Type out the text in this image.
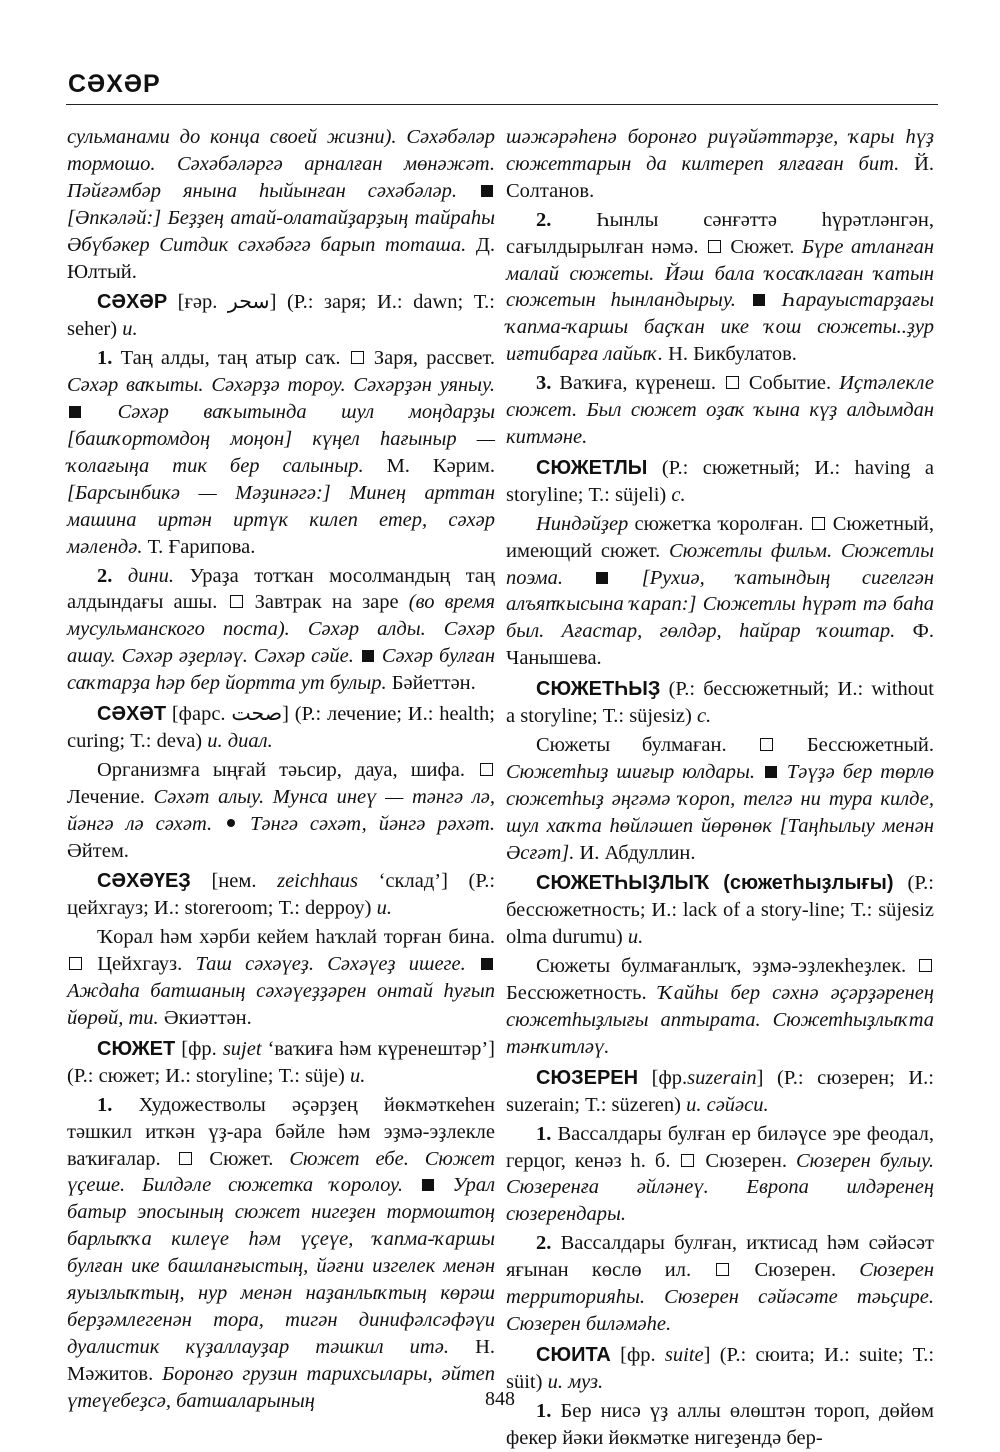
СӘХӘР

сульманами до конца своей жизни). Сәхәбәләр тормошо. Сәхәбәләргә арналған мөнәжәт. Пәйғәмбәр янына һыйынған сәхәбәләр.  [Әпкәләй:] Беҙҙең атай-олатайҙарҙың тайраһы Әбүбәкер Ситдик сәхәбәгә барып тоташа. Д. Юлтый.

СӘХӘР [ғәр. سحر] (Р.: заря; И.: dawn; Т.: seher) и.

1. Таң алды, таң атыр саҡ. Заря, рассвет. Сәхәр ваҡыты. Сәхәрҙә тороу. Сәхәрҙән уяныу.  Сәхәр ваҡытында шул моңдарҙы [башҡортомдоң моңон] күңел һағыныр — ҡолағыңа тик бер салыныр. М. Кәрим. [Барсынбикә — Мәҙинәгә:] Минең арттан машина иртән иртүк килеп етер, сәхәр мәлендә. Т. Ғарипова.

2. дини. Ураҙа тотҡан мосолмандың таң алдындағы ашы. Завтрак на заре (во время мусульманского поста). Сәхәр алды. Сәхәр ашау. Сәхәр әҙерләү. Сәхәр сәйе. Сәхәр булған саҡтарҙа һәр бер йортта ут булыр. Бәйеттән.

СӘХӘТ [фарс. صحت] (Р.: лечение; И.: health; curing; Т.: deva) и. диал.

Организмға ыңғай тәьсир, дауа, шифа.  Лечение. Сәхәт алыу. Мунса инеү — тәнгә лә, йәнгә лә сәхәт. Тәнгә сәхәт, йәнгә рәхәт. Әйтем.

СӘХӘҮЕҘ [нем. zeichhaus ‘склад’] (Р.: цейхгауз; И.: storeroom; Т.: depроу) и.

Ҡорал һәм хәрби кейем һаҡлай торған бина.  Цейхгауз. Таш сәхәүеҙ. Сәхәүеҙ ишеге.  Аждаһа батшаның сәхәүеҙҙәрен онтай һуғып йөрөй, ти. Әкиәттән.

СЮЖЕТ [фр. sujet ‘ваҡиға һәм күренештәр’] (Р.: сюжет; И.: storyline; Т.: süje) и.

1. Художестволы әҫәрҙең йөкмәткеһен тәшкил иткән үҙ-ара бәйле һәм эҙмә-эҙлекле ваҡиғалар. Сюжет. Сюжет ебе. Сюжет үҫеше. Билдәле сюжетка ҡоролоу. Урал батыр эпосының сюжет нигеҙен тормоштоң барлыҡҡа килеүе һәм үҫеүе, ҡапма-ҡаршы булған ике башланғыстың, йәғни изгелек менән яуызлыҡтың, нур менән наҙанлыҡтың көрәш берҙәмлегенән тора, тигән динифәлсәфәүи дуалистик күҙаллауҙар тәшкил итә. Н. Мәжитов. Боронғо грузин тарихсылары, әйтеп үтеүебеҙсә, батшаларының

шәжәрәһенә боронғо риүәйәттәрҙе, ҡары һүҙ сюжеттарын да килтереп ялғаған бит. Й. Солтанов.

2. Һынлы сәнғәттә һүрәтләнгән, сағылдырылған нәмә. Сюжет. Бүре атланған малай сюжеты. Йәш бала ҡосаҡлаған ҡатын сюжетын һынландырыу. Һарауыстарҙағы ҡапма-ҡаршы баҫҡан ике ҡош сюжеты..ҙур иғтибарға лайыҡ. Н. Бикбулатов.

3. Ваҡиға, күренеш. Событие. Иҫтәлекле сюжет. Был сюжет оҙаҡ ҡына күҙ алдымдан китмәне.

СЮЖЕТЛЫ (Р.: сюжетный; И.: having a storyline; Т.: süjeli) с.

Ниндәйҙер сюжетҡа ҡоролған. Сюжетный, имеющий сюжет. Сюжетлы фильм. Сюжетлы поэма.	[Рухиә, ҡатындың сигелгән алъяпҡысына ҡарап:] Сюжетлы һүрәт тә баһа был. Ағастар, гөлдәр, һайрар ҡоштар. Ф. Чанышева.

СЮЖЕТҺЫҘ (Р.: бессюжетный; И.: without a storyline; Т.: süjesiz) с.

Сюжеты булмаған.	Бессюжетный. Сюжетһыҙ шиғыр юлдары. Тәүҙә бер төрлө сюжетһыҙ әңгәмә ҡороп, телгә ни тура килде, шул хаҡта һөйләшеп йөрөнөк [Таңһылыу менән Әсғәт]. И. Абдуллин.

СЮЖЕТҺЫҘЛЫҠ (сюжетһыҙлығы) (Р.: бессюжетность; И.: lack of a story-line; Т.: süjesiz olma durumu) и.

Сюжеты булмағанлыҡ, эҙмә-эҙлекһеҙлек.  Бессюжетность. Ҡайһы бер сәхнә әҫәрҙәренең сюжетһыҙлығы аптырата. Сюжетһыҙлыҡта тәнҡитләү.

СЮЗЕРЕН [фр.suzerain] (Р.: сюзерен; И.: suzerain; Т.: süzeren) и. сәйәси.

1. Вассалдары булған ер биләүсе эре феодал, герцог, кенәз һ. б. Сюзерен. Сюзерен булыу. Сюзеренға әйләнеү. Европа илдәренең сюзерендары.

2. Вассалдары булған, иҡтисад һәм сәйәсәт яғынан көслө ил.	Сюзерен. Сюзерен территорияһы. Сюзерен сәйәсәте тәьҫире. Сюзерен биләмәһе.

СЮИТА [фр. suite] (Р.: сюита; И.: suite; Т.: süit) и. муз.

1. Бер нисә үҙ аллы өлөштән тороп, дөйөм фекер йәки йөкмәтке нигеҙендә бер-

848
